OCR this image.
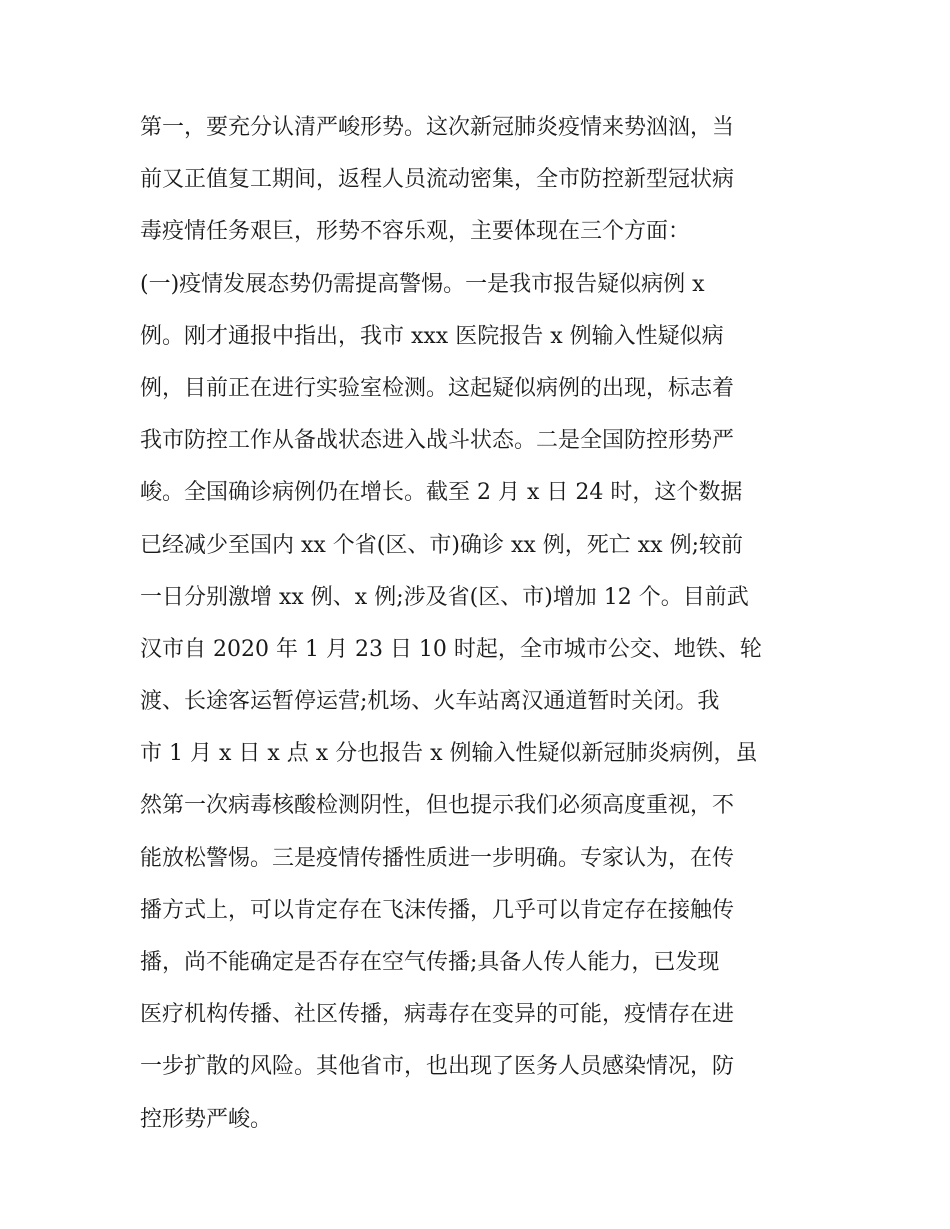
第一，要充分认清严峻形势。这次新冠肺炎疫情来势汹汹，当
前又正值复工期间，返程人员流动密集，全市防控新型冠状病
毒疫情任务艰巨，形势不容乐观，主要体现在三个方面：
(一)疫情发展态势仍需提高警惕。一是我市报告疑似病例 x
例。刚才通报中指出，我市 xxx 医院报告 x 例输入性疑似病
例，目前正在进行实验室检测。这起疑似病例的出现，标志着
我市防控工作从备战状态进入战斗状态。二是全国防控形势严
峻。全国确诊病例仍在增长。截至 2 月 x 日 24 时，这个数据
已经减少至国内 xx 个省(区、市)确诊 xx 例，死亡 xx 例;较前
一日分别激增 xx 例、x 例;涉及省(区、市)增加 12 个。目前武
汉市自 2020 年 1 月 23 日 10 时起，全市城市公交、地铁、轮
渡、长途客运暂停运营;机场、火车站离汉通道暂时关闭。我
市 1 月 x 日 x 点 x 分也报告 x 例输入性疑似新冠肺炎病例，虽
然第一次病毒核酸检测阴性，但也提示我们必须高度重视，不
能放松警惕。三是疫情传播性质进一步明确。专家认为，在传
播方式上，可以肯定存在飞沫传播，几乎可以肯定存在接触传
播，尚不能确定是否存在空气传播;具备人传人能力，已发现
医疗机构传播、社区传播，病毒存在变异的可能，疫情存在进
一步扩散的风险。其他省市，也出现了医务人员感染情况，防
控形势严峻。
